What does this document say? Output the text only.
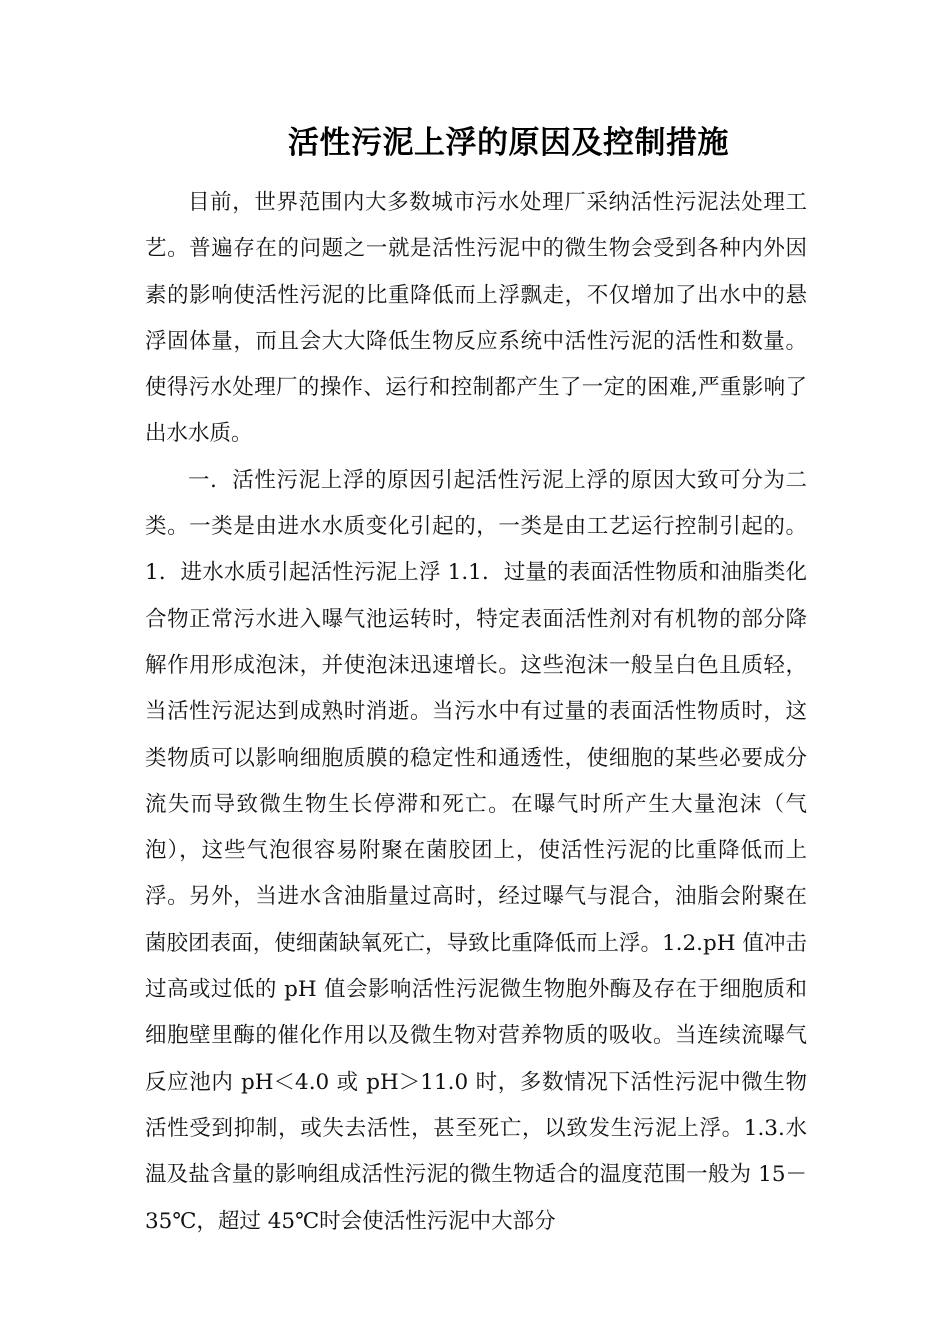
活性污泥上浮的原因及控制措施

目前，世界范围内大多数城市污水处理厂采纳活性污泥法处理工艺。普遍存在的问题之一就是活性污泥中的微生物会受到各种内外因素的影响使活性污泥的比重降低而上浮飘走，不仅增加了出水中的悬浮固体量，而且会大大降低生物反应系统中活性污泥的活性和数量。使得污水处理厂的操作、运行和控制都产生了一定的困难,严重影响了出水水质。

一．活性污泥上浮的原因引起活性污泥上浮的原因大致可分为二类。一类是由进水水质变化引起的，一类是由工艺运行控制引起的。1．进水水质引起活性污泥上浮 1.1．过量的表面活性物质和油脂类化合物正常污水进入曝气池运转时，特定表面活性剂对有机物的部分降解作用形成泡沫，并使泡沫迅速增长。这些泡沫一般呈白色且质轻，当活性污泥达到成熟时消逝。当污水中有过量的表面活性物质时，这类物质可以影响细胞质膜的稳定性和通透性，使细胞的某些必要成分流失而导致微生物生长停滞和死亡。在曝气时所产生大量泡沫（气泡），这些气泡很容易附聚在菌胶团上，使活性污泥的比重降低而上浮。另外，当进水含油脂量过高时，经过曝气与混合，油脂会附聚在菌胶团表面，使细菌缺氧死亡，导致比重降低而上浮。1.2.pH 值冲击过高或过低的 pH 值会影响活性污泥微生物胞外酶及存在于细胞质和细胞壁里酶的催化作用以及微生物对营养物质的吸收。当连续流曝气反应池内 pH＜4.0 或 pH＞11.0 时，多数情况下活性污泥中微生物活性受到抑制，或失去活性，甚至死亡，以致发生污泥上浮。1.3.水温及盐含量的影响组成活性污泥的微生物适合的温度范围一般为 15－35℃，超过 45℃时会使活性污泥中大部分
